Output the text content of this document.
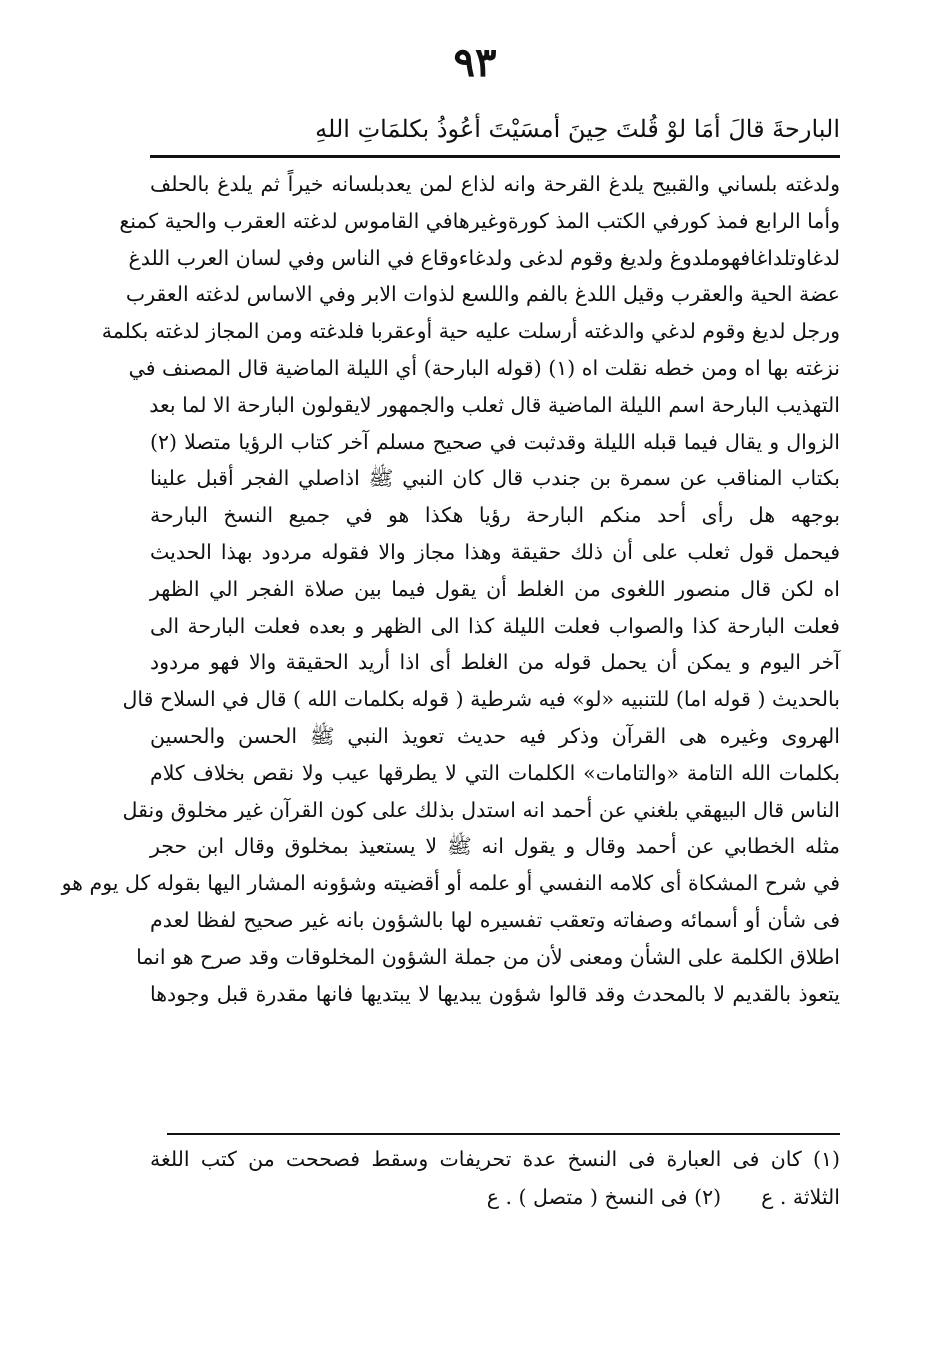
٩٣
البارحةَ قالَ أمَا لوْ قُلتَ حِينَ أمسَيْتَ أعُوذُ بكلمَاتِ اللهِ
ولدغته بلساني والقبيح يلدغ القرحة وانه لذاع لمن يعدبلسانه خيراً ثم يلدغ بالحلف
وأما الرابع فمذ كورفي الكتب المذ كورةوغيرهافي القاموس لدغته العقرب والحية كمنع
لدغاوتلداغافهوملدوغ ولديغ وقوم لدغى ولدغاءوقاع في الناس وفي لسان العرب اللدغ
عضة الحية والعقرب وقيل اللدغ بالفم واللسع لذوات الابر وفي الاساس لدغته العقرب
ورجل لديغ وقوم لدغي والدغته أرسلت عليه حية أوعقربا فلدغته ومن المجاز لدغته بكلمة
نزغته بها اه ومن خطه نقلت اه (١) (قوله البارحة) أي الليلة الماضية قال المصنف في
التهذيب البارحة اسم الليلة الماضية قال ثعلب والجمهور لايقولون البارحة الا لما بعد
الزوال و يقال فيما قبله الليلة وقدثبت في صحيح مسلم آخر كتاب الرؤيا متصلا (٢)
بكتاب المناقب عن سمرة بن جندب قال كان النبي ﷺ اذاصلي الفجر أقبل علينا
بوجهه هل رأى أحد منكم البارحة رؤيا هكذا هو في جميع النسخ البارحة
فيحمل قول ثعلب على أن ذلك حقيقة وهذا مجاز والا فقوله مردود بهذا الحديث
اه لكن قال منصور اللغوى من الغلط أن يقول فيما بين صلاة الفجر الي الظهر
فعلت البارحة كذا والصواب فعلت الليلة كذا الى الظهر و بعده فعلت البارحة الى
آخر اليوم و يمكن أن يحمل قوله من الغلط أى اذا أريد الحقيقة والا فهو مردود
بالحديث ( قوله اما) للتنبيه «لو» فيه شرطية ( قوله بكلمات الله ) قال في السلاح قال
الهروى وغيره هى القرآن وذكر فيه حديث تعويذ النبي ﷺ الحسن والحسين
بكلمات الله التامة «والتامات» الكلمات التي لا يطرقها عيب ولا نقص بخلاف كلام
الناس قال البيهقي بلغني عن أحمد انه استدل بذلك على كون القرآن غير مخلوق ونقل
مثله الخطابي عن أحمد وقال و يقول انه ﷺ لا يستعيذ بمخلوق وقال ابن حجر
في شرح المشكاة أى كلامه النفسي أو علمه أو أقضيته وشؤونه المشار اليها بقوله كل يوم هو
فى شأن أو أسمائه وصفاته وتعقب تفسيره لها بالشؤون بانه غير صحيح لفظا لعدم
اطلاق الكلمة على الشأن ومعنى لأن من جملة الشؤون المخلوقات وقد صرح هو انما
يتعوذ بالقديم لا بالمحدث وقد قالوا شؤون يبديها لا يبتديها فانها مقدرة قبل وجودها
(١) كان فى العبارة فى النسخ عدة تحريفات وسقط فصححت من كتب اللغة
الثلاثة . ع(٢) فى النسخ ( متصل ) . ع
